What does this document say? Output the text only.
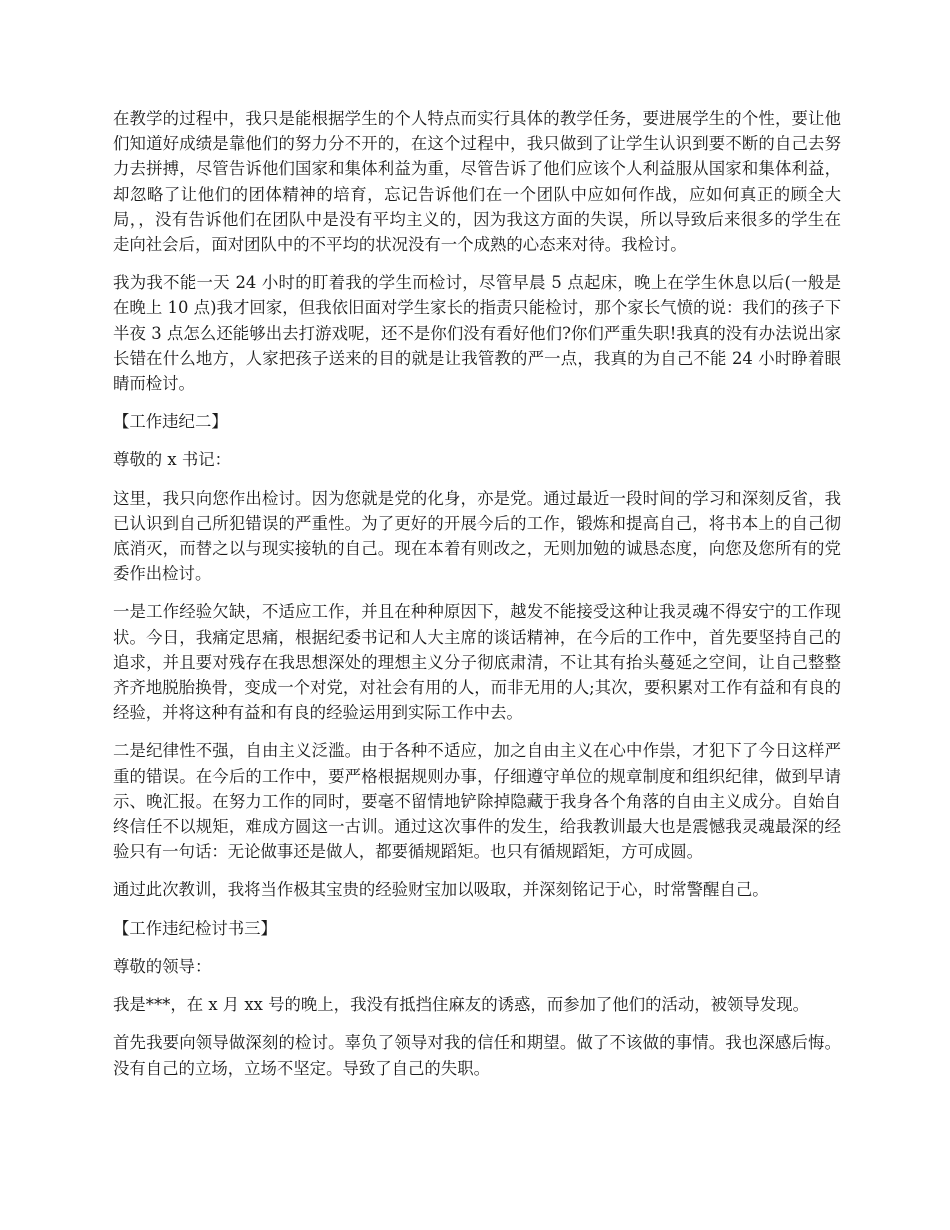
在教学的过程中，我只是能根据学生的个人特点而实行具体的教学任务，要进展学生的个性，要让他们知道好成绩是靠他们的努力分不开的，在这个过程中，我只做到了让学生认识到要不断的自己去努力去拼搏，尽管告诉他们国家和集体利益为重，尽管告诉了他们应该个人利益服从国家和集体利益，却忽略了让他们的团体精神的培育，忘记告诉他们在一个团队中应如何作战，应如何真正的顾全大局，，没有告诉他们在团队中是没有平均主义的，因为我这方面的失误，所以导致后来很多的学生在走向社会后，面对团队中的不平均的状况没有一个成熟的心态来对待。我检讨。

我为我不能一天 24 小时的盯着我的学生而检讨，尽管早晨 5 点起床，晚上在学生休息以后(一般是在晚上 10 点)我才回家，但我依旧面对学生家长的指责只能检讨，那个家长气愤的说：我们的孩子下半夜 3 点怎么还能够出去打游戏呢，还不是你们没有看好他们?你们严重失职!我真的没有办法说出家长错在什么地方，人家把孩子送来的目的就是让我管教的严一点，我真的为自己不能 24 小时睁着眼睛而检讨。

【工作违纪二】

尊敬的 x 书记：

这里，我只向您作出检讨。因为您就是党的化身，亦是党。通过最近一段时间的学习和深刻反省，我已认识到自己所犯错误的严重性。为了更好的开展今后的工作，锻炼和提高自己，将书本上的自己彻底消灭，而替之以与现实接轨的自己。现在本着有则改之，无则加勉的诚恳态度，向您及您所有的党委作出检讨。

一是工作经验欠缺，不适应工作，并且在种种原因下，越发不能接受这种让我灵魂不得安宁的工作现状。今日，我痛定思痛，根据纪委书记和人大主席的谈话精神，在今后的工作中，首先要坚持自己的追求，并且要对残存在我思想深处的理想主义分子彻底肃清，不让其有抬头蔓延之空间，让自己整整齐齐地脱胎换骨，变成一个对党，对社会有用的人，而非无用的人;其次，要积累对工作有益和有良的经验，并将这种有益和有良的经验运用到实际工作中去。

二是纪律性不强，自由主义泛滥。由于各种不适应，加之自由主义在心中作祟，才犯下了今日这样严重的错误。在今后的工作中，要严格根据规则办事，仔细遵守单位的规章制度和组织纪律，做到早请示、晚汇报。在努力工作的同时，要毫不留情地铲除掉隐藏于我身各个角落的自由主义成分。自始自终信任不以规矩，难成方圆这一古训。通过这次事件的发生，给我教训最大也是震憾我灵魂最深的经验只有一句话：无论做事还是做人，都要循规蹈矩。也只有循规蹈矩，方可成圆。

通过此次教训，我将当作极其宝贵的经验财宝加以吸取，并深刻铭记于心，时常警醒自己。

【工作违纪检讨书三】

尊敬的领导：

我是***，在 x 月 xx 号的晚上，我没有抵挡住麻友的诱惑，而参加了他们的活动，被领导发现。

首先我要向领导做深刻的检讨。辜负了领导对我的信任和期望。做了不该做的事情。我也深感后悔。没有自己的立场，立场不坚定。导致了自己的失职。
